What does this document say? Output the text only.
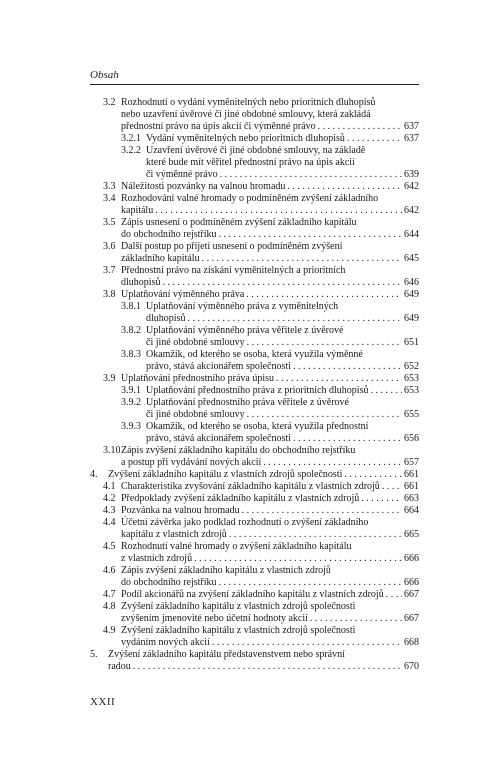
Obsah
3.2 Rozhodnutí o vydání vyměnitelných nebo prioritních dluhopisů
nebo uzavření úvěrové či jiné obdobné smlouvy, která zakládá
přednostní právo na úpis akcií či výměnné právo . . .	637
3.2.1 Vydání vyměnitelných nebo prioritních dluhopisů . . .	637
3.2.2 Uzavření úvěrové či jiné obdobné smlouvy, na základě
které bude mít věřitel přednostní právo na úpis akcií
či výměnné právo . . .	639
3.3 Náležitosti pozvánky na valnou hromadu . . .	642
3.4 Rozhodování valné hromady o podmíněném zvýšení základního
kapitálu . . .	642
3.5 Zápis usnesení o podmíněném zvýšení základního kapitálu
do obchodního rejstříku . . .	644
3.6 Další postup po přijetí usnesení o podmíněném zvýšení
základního kapitálu . . .	645
3.7 Přednostní právo na získání vyměnitelných a prioritních
dluhopisů . . .	646
3.8 Uplatňování výměnného práva . . .	649
3.8.1 Uplatňování výměnného práva z vyměnitelných
dluhopisů . . .	649
3.8.2 Uplatňování výměnného práva věřitele z úvěrové
či jiné obdobné smlouvy . . .	651
3.8.3 Okamžik, od kterého se osoba, která využila výměnné
právo, stává akcionářem společnosti . . .	652
3.9 Uplatňování přednostního práva úpisu . . .	653
3.9.1 Uplatňování přednostního práva z prioritních dluhopisů . . .	653
3.9.2 Uplatňování přednostního práva věřitele z úvěrové
či jiné obdobné smlouvy . . .	655
3.9.3 Okamžik, od kterého se osoba, která využila přednostní
právo, stává akcionářem společnosti . . .	656
3.10 Zápis zvýšení základního kapitálu do obchodního rejstříku
a postup při vydávání nových akcií . . .	657
4.	Zvýšení základního kapitálu z vlastních zdrojů společnosti . . .	661
4.1 Charakteristika zvyšování základního kapitálu z vlastních zdrojů . . . 661
4.2 Předpoklady zvýšení základního kapitálu z vlastních zdrojů . . .	663
4.3 Pozvánka na valnou hromadu . . .	664
4.4 Účetní závěrka jako podklad rozhodnutí o zvýšení základního
kapitálu z vlastních zdrojů . . .	665
4.5 Rozhodnutí valné hromady o zvýšení základního kapitálu
z vlastních zdrojů . . .	666
4.6 Zápis zvýšení základního kapitálu z vlastních zdrojů
do obchodního rejstříku . . .	666
4.7 Podíl akcionářů na zvýšení základního kapitálu z vlastních zdrojů . . . 667
4.8 Zvýšení základního kapitálu z vlastních zdrojů společnosti
zvýšením jmenovité nebo účetní hodnoty akcií . . .	667
4.9 Zvýšení základního kapitálu z vlastních zdrojů společnosti
vydáním nových akcií . . .	668
5.	Zvýšení základního kapitálu představenstvem nebo správní
radou . . .	670
XXII
